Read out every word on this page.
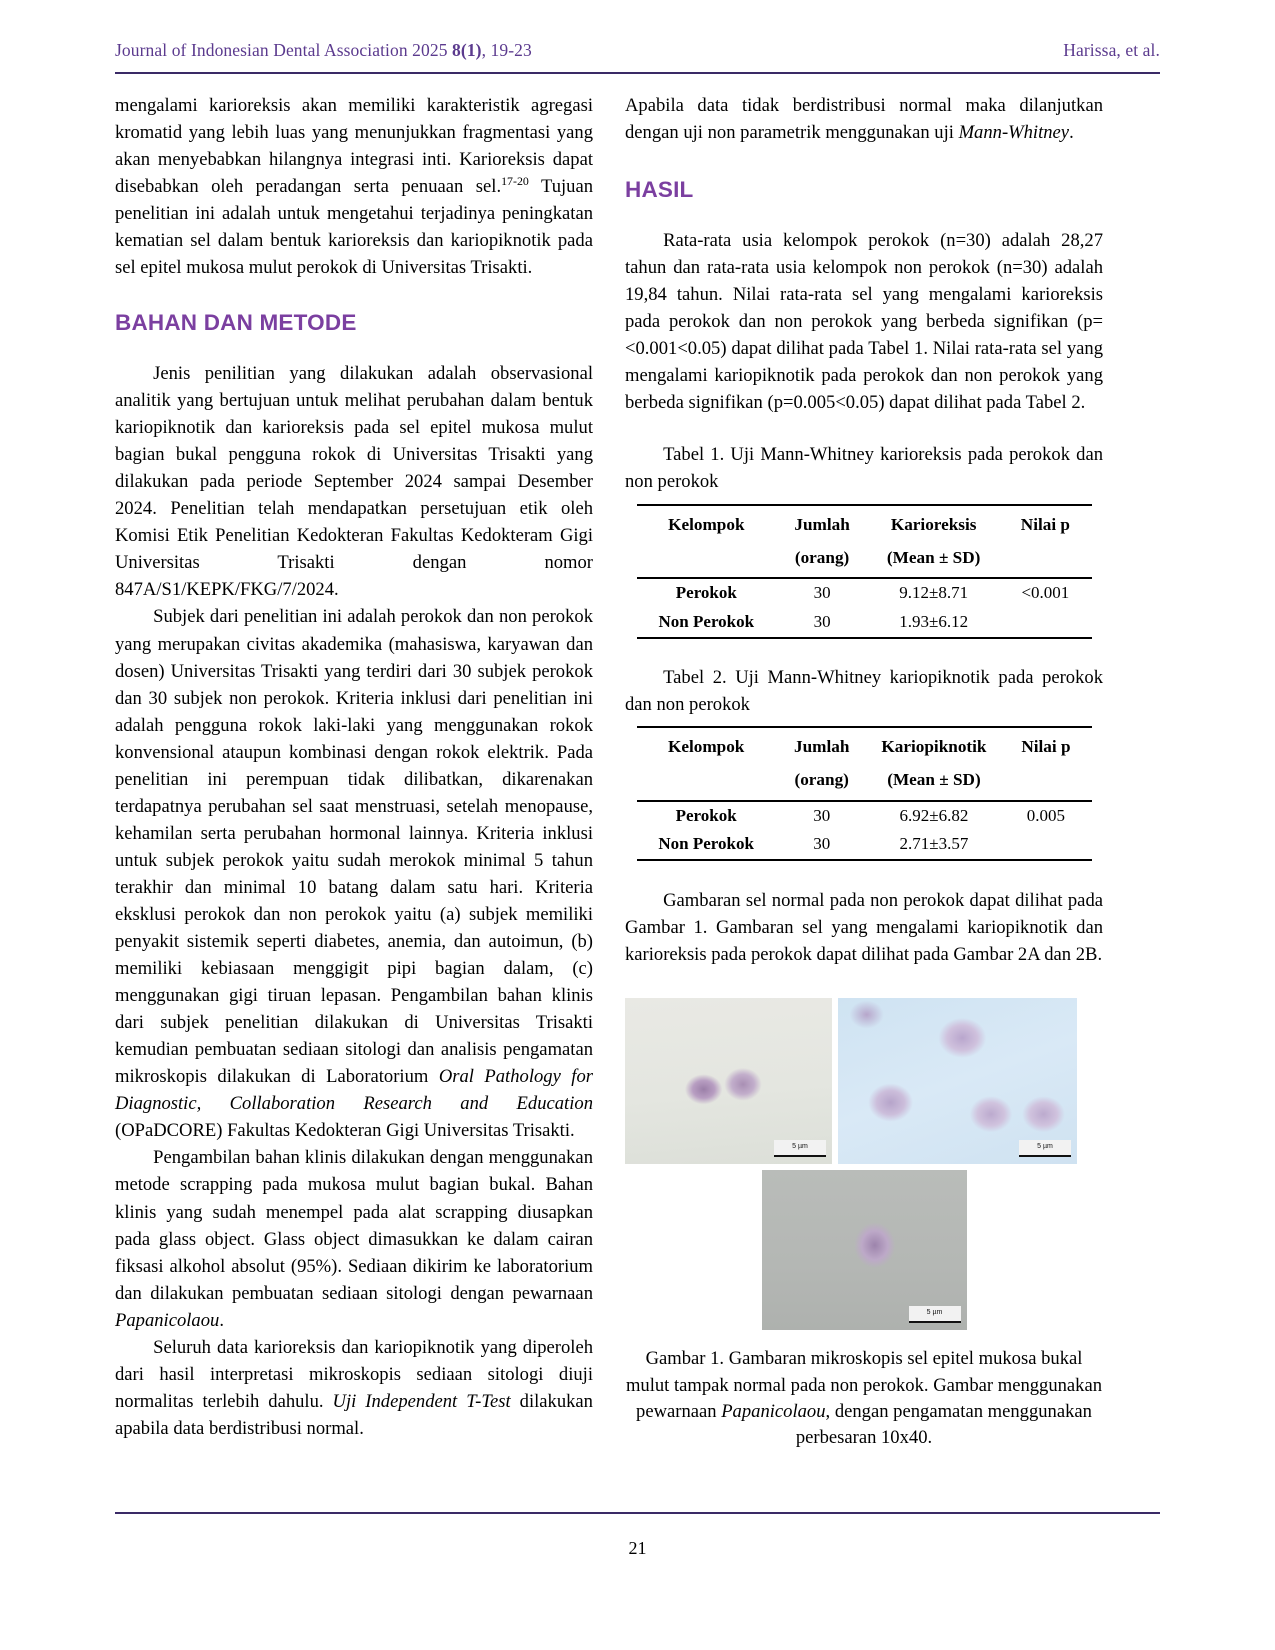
Journal of Indonesian Dental Association 2025 8(1), 19-23	Harissa, et al.

mengalami karioreksis akan memiliki karakteristik agregasi kromatid yang lebih luas yang menunjukkan fragmentasi yang akan menyebabkan hilangnya integrasi inti. Karioreksis dapat disebabkan oleh peradangan serta penuaan sel.$^{17-20}$ Tujuan penelitian ini adalah untuk mengetahui terjadinya peningkatan kematian sel dalam bentuk karioreksis dan kariopiknotik pada sel epitel mukosa mulut perokok di Universitas Trisakti.

BAHAN DAN METODE

Jenis penilitian yang dilakukan adalah observasional analitik yang bertujuan untuk melihat perubahan dalam bentuk kariopiknotik dan karioreksis pada sel epitel mukosa mulut bagian bukal pengguna rokok di Universitas Trisakti yang dilakukan pada periode September 2024 sampai Desember 2024. Penelitian telah mendapatkan persetujuan etik oleh Komisi Etik Penelitian Kedokteran Fakultas Kedokteram Gigi Universitas Trisakti dengan nomor 847A/S1/KEPK/FKG/7/2024.

Subjek dari penelitian ini adalah perokok dan non perokok yang merupakan civitas akademika (mahasiswa, karyawan dan dosen) Universitas Trisakti yang terdiri dari 30 subjek perokok dan 30 subjek non perokok. Kriteria inklusi dari penelitian ini adalah pengguna rokok laki-laki yang menggunakan rokok konvensional ataupun kombinasi dengan rokok elektrik. Pada penelitian ini perempuan tidak dilibatkan, dikarenakan terdapatnya perubahan sel saat menstruasi, setelah menopause, kehamilan serta perubahan hormonal lainnya. Kriteria inklusi untuk subjek perokok yaitu sudah merokok minimal 5 tahun terakhir dan minimal 10 batang dalam satu hari. Kriteria eksklusi perokok dan non perokok yaitu (a) subjek memiliki penyakit sistemik seperti diabetes, anemia, dan autoimun, (b) memiliki kebiasaan menggigit pipi bagian dalam, (c) menggunakan gigi tiruan lepasan. Pengambilan bahan klinis dari subjek penelitian dilakukan di Universitas Trisakti kemudian pembuatan sediaan sitologi dan analisis pengamatan mikroskopis dilakukan di Laboratorium Oral Pathology for Diagnostic, Collaboration Research and Education (OPaDCORE) Fakultas Kedokteran Gigi Universitas Trisakti.

Pengambilan bahan klinis dilakukan dengan menggunakan metode scrapping pada mukosa mulut bagian bukal. Bahan klinis yang sudah menempel pada alat scrapping diusapkan pada glass object. Glass object dimasukkan ke dalam cairan fiksasi alkohol absolut (95%). Sediaan dikirim ke laboratorium dan dilakukan pembuatan sediaan sitologi dengan pewarnaan Papanicolaou.

Seluruh data karioreksis dan kariopiknotik yang diperoleh dari hasil interpretasi mikroskopis sediaan sitologi diuji normalitas terlebih dahulu. Uji Independent T-Test dilakukan apabila data berdistribusi normal.

Apabila data tidak berdistribusi normal maka dilanjutkan dengan uji non parametrik menggunakan uji Mann-Whitney.

HASIL

Rata-rata usia kelompok perokok (n=30) adalah 28,27 tahun dan rata-rata usia kelompok non perokok (n=30) adalah 19,84 tahun. Nilai rata-rata sel yang mengalami karioreksis pada perokok dan non perokok yang berbeda signifikan (p=<0.001<0.05) dapat dilihat pada Tabel 1. Nilai rata-rata sel yang mengalami kariopiknotik pada perokok dan non perokok yang berbeda signifikan (p=0.005<0.05) dapat dilihat pada Tabel 2.

Tabel 1. Uji Mann-Whitney karioreksis pada perokok dan non perokok
Kelompok	Jumlah	Karioreksis	Nilai p
	(orang)	(Mean ± SD)	
Perokok	30	9.12±8.71	<0.001
Non Perokok	30	1.93±6.12	
Tabel 2. Uji Mann-Whitney kariopiknotik pada perokok dan non perokok
Kelompok	Jumlah	Kariopiknotik	Nilai p
	(orang)	(Mean ± SD)	
Perokok	30	6.92±6.82	0.005
Non Perokok	30	2.71±3.57	

Gambaran sel normal pada non perokok dapat dilihat pada Gambar 1. Gambaran sel yang mengalami kariopiknotik dan karioreksis pada perokok dapat dilihat pada Gambar 2A dan 2B.

5 µm	5 µm
5 µm
Gambar 1. Gambaran mikroskopis sel epitel mukosa bukal mulut tampak normal pada non perokok. Gambar menggunakan pewarnaan Papanicolaou, dengan pengamatan menggunakan perbesaran 10x40.
21
